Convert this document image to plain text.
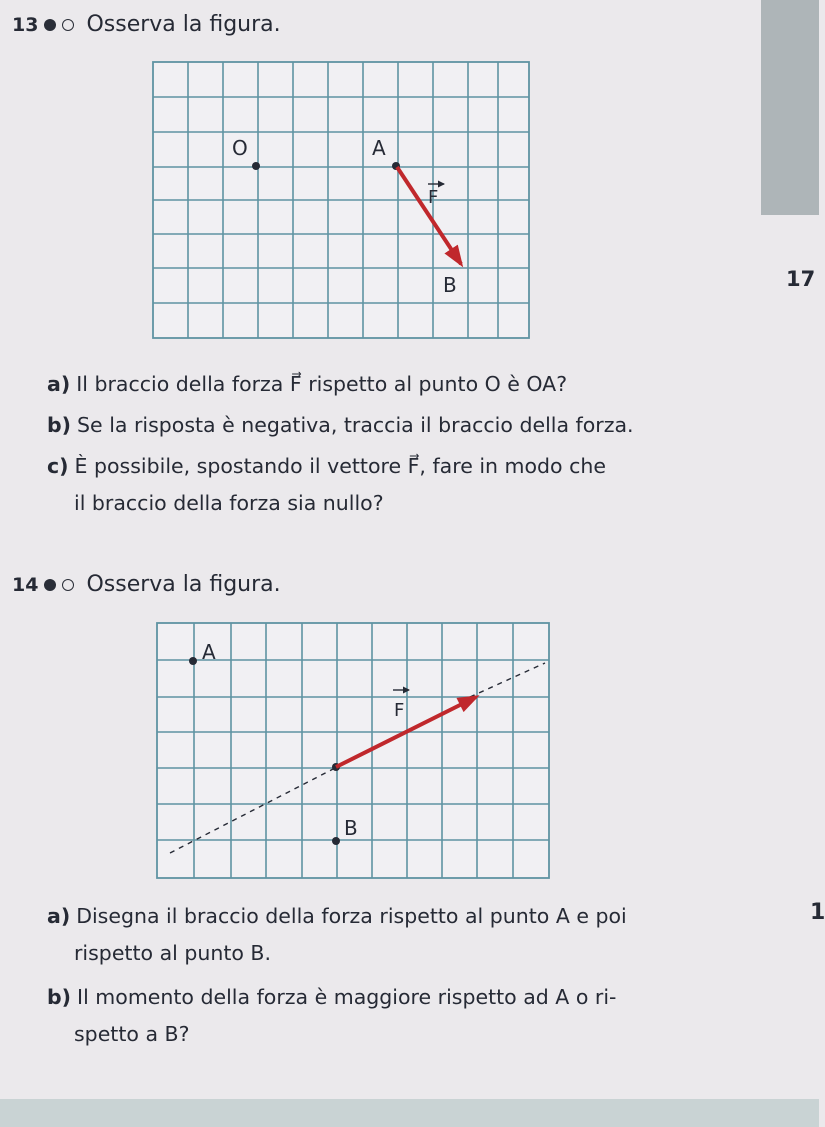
13 Osserva la figura.
O	A
B
F
A
B
F
17
a) Il braccio della forza F⃗ rispetto al punto O è OA?
b) Se la risposta è negativa, traccia il braccio della forza.
c) È possibile, spostando il vettore F⃗, fare in modo che
il braccio della forza sia nullo?
14 Osserva la figura.
a) Disegna il braccio della forza rispetto al punto A e poi
rispetto al punto B.
b) Il momento della forza è maggiore rispetto ad A o ri-
spetto a B?
1
